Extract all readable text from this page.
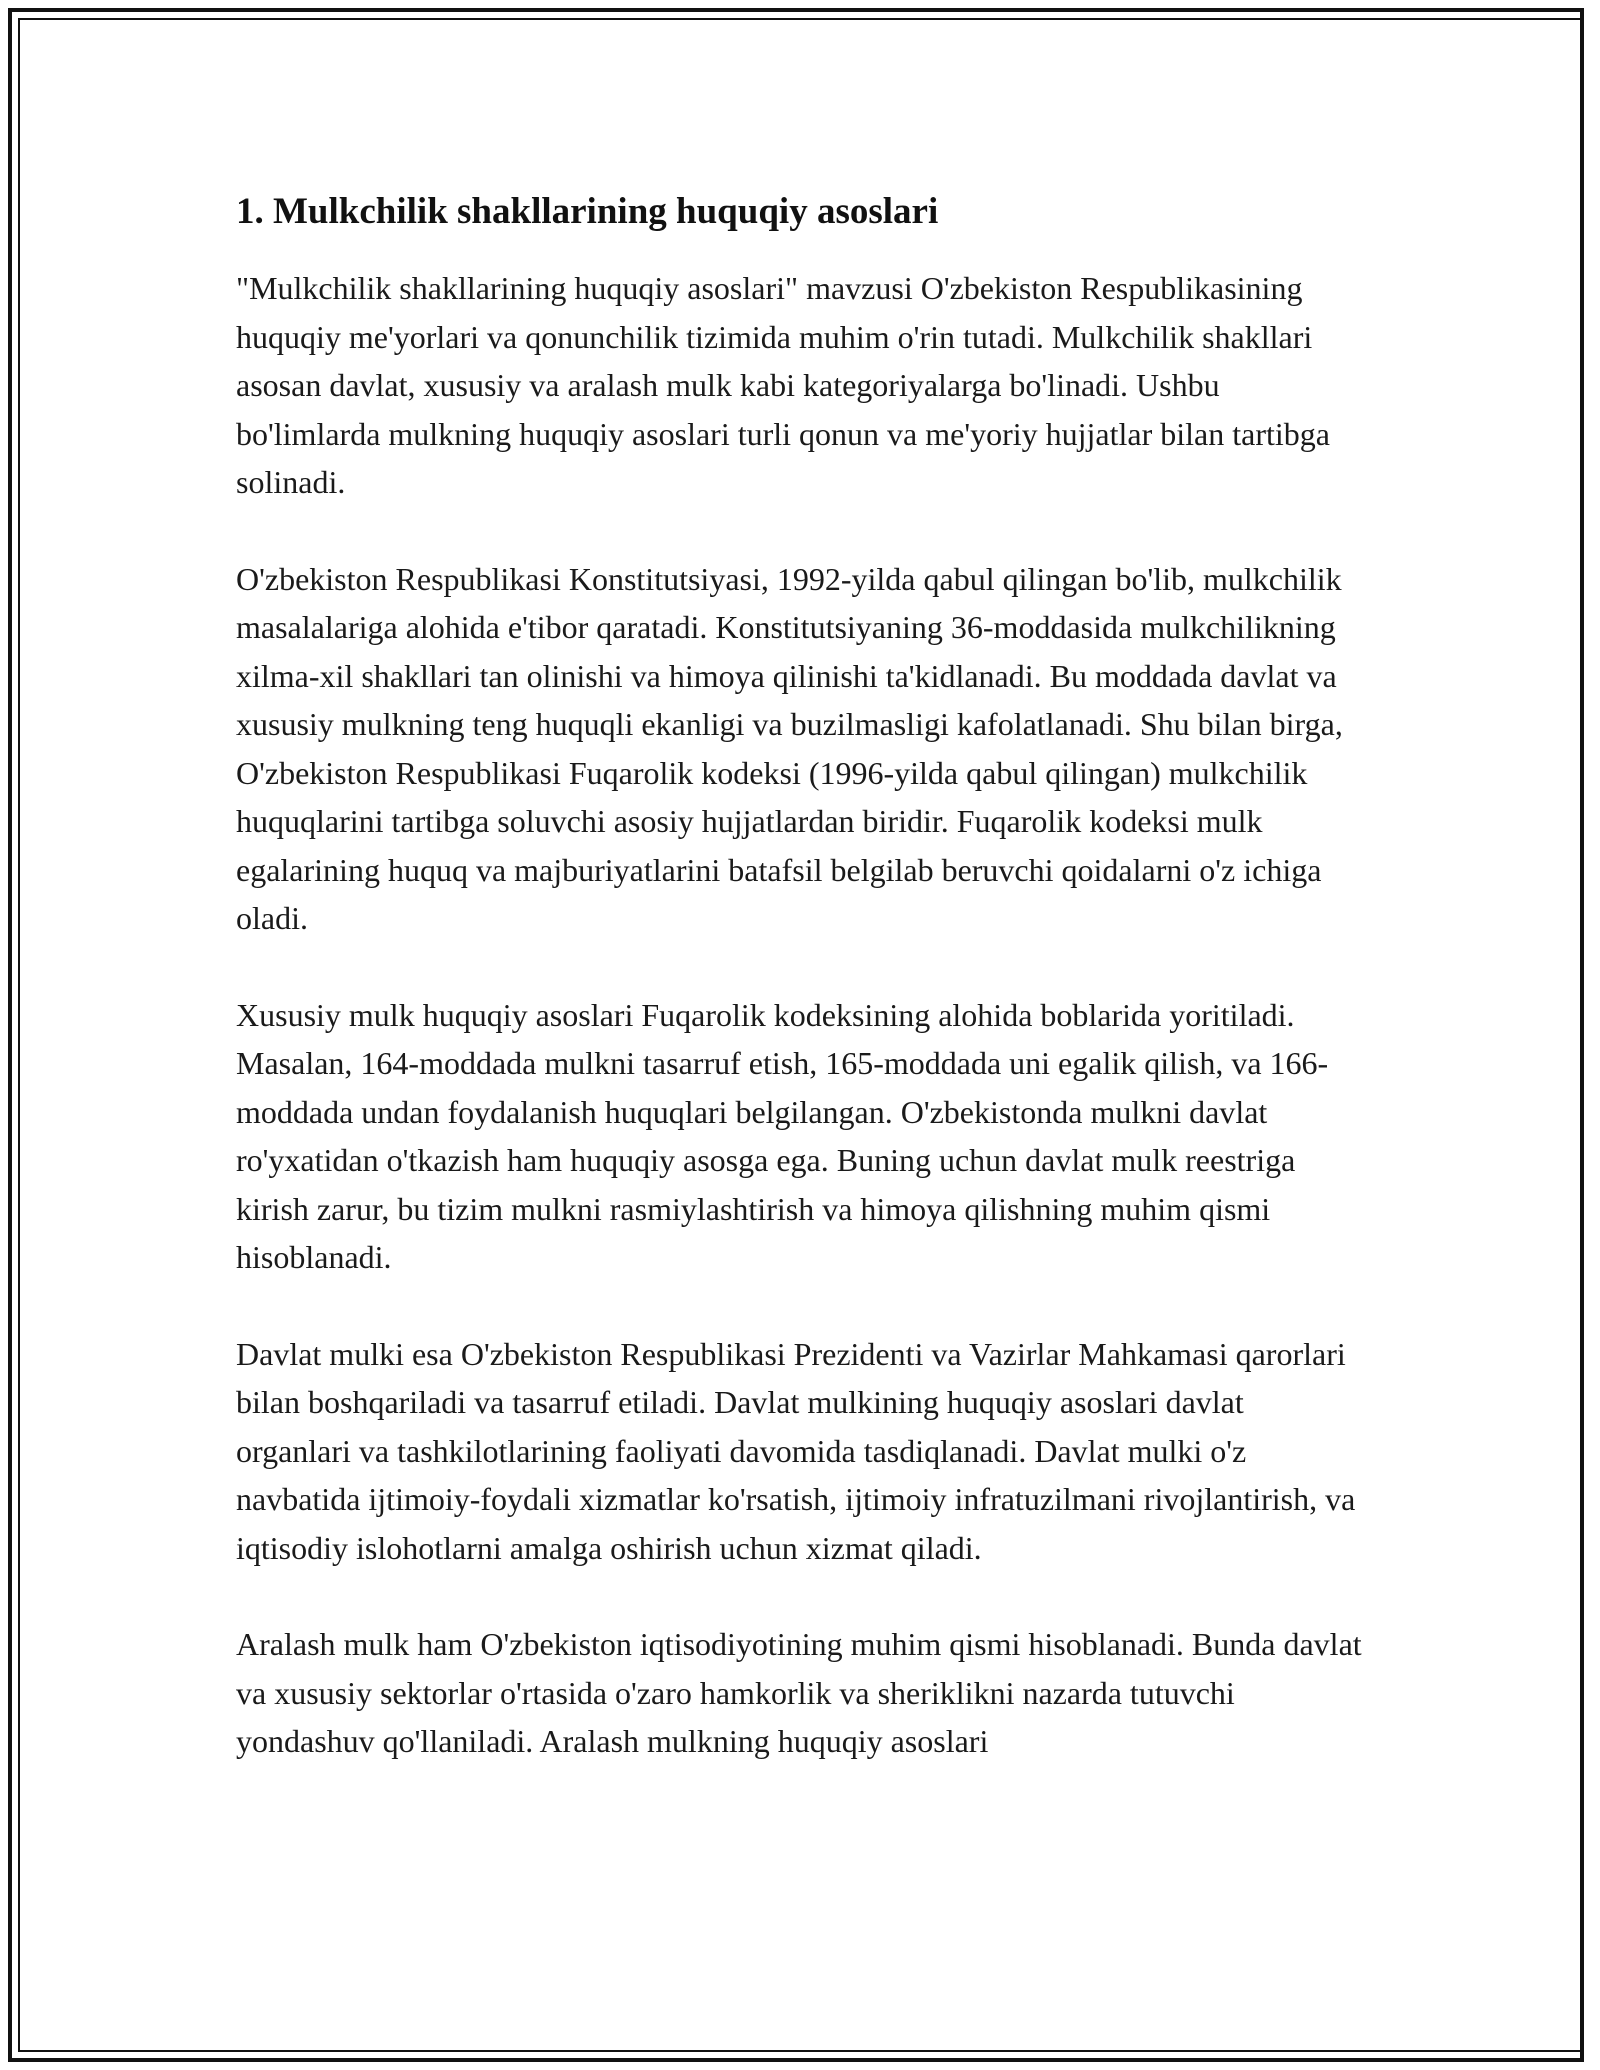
1. Mulkchilik shakllarining huquqiy asoslari

"Mulkchilik shakllarining huquqiy asoslari" mavzusi O'zbekiston Respublikasining huquqiy me'yorlari va qonunchilik tizimida muhim o'rin tutadi. Mulkchilik shakllari asosan davlat, xususiy va aralash mulk kabi kategoriyalarga bo'linadi. Ushbu bo'limlarda mulkning huquqiy asoslari turli qonun va me'yoriy hujjatlar bilan tartibga solinadi.

O'zbekiston Respublikasi Konstitutsiyasi, 1992-yilda qabul qilingan bo'lib, mulkchilik masalalariga alohida e'tibor qaratadi. Konstitutsiyaning 36-moddasida mulkchilikning xilma-xil shakllari tan olinishi va himoya qilinishi ta'kidlanadi. Bu moddada davlat va xususiy mulkning teng huquqli ekanligi va buzilmasligi kafolatlanadi. Shu bilan birga, O'zbekiston Respublikasi Fuqarolik kodeksi (1996-yilda qabul qilingan) mulkchilik huquqlarini tartibga soluvchi asosiy hujjatlardan biridir. Fuqarolik kodeksi mulk egalarining huquq va majburiyatlarini batafsil belgilab beruvchi qoidalarni o'z ichiga oladi.

Xususiy mulk huquqiy asoslari Fuqarolik kodeksining alohida boblarida yoritiladi. Masalan, 164-moddada mulkni tasarruf etish, 165-moddada uni egalik qilish, va 166-moddada undan foydalanish huquqlari belgilangan. O'zbekistonda mulkni davlat ro'yxatidan o'tkazish ham huquqiy asosga ega. Buning uchun davlat mulk reestriga kirish zarur, bu tizim mulkni rasmiylashtirish va himoya qilishning muhim qismi hisoblanadi.

Davlat mulki esa O'zbekiston Respublikasi Prezidenti va Vazirlar Mahkamasi qarorlari bilan boshqariladi va tasarruf etiladi. Davlat mulkining huquqiy asoslari davlat organlari va tashkilotlarining faoliyati davomida tasdiqlanadi. Davlat mulki o'z navbatida ijtimoiy-foydali xizmatlar ko'rsatish, ijtimoiy infratuzilmani rivojlantirish, va iqtisodiy islohotlarni amalga oshirish uchun xizmat qiladi.

Aralash mulk ham O'zbekiston iqtisodiyotining muhim qismi hisoblanadi. Bunda davlat va xususiy sektorlar o'rtasida o'zaro hamkorlik va sheriklikni nazarda tutuvchi yondashuv qo'llaniladi. Aralash mulkning huquqiy asoslari
